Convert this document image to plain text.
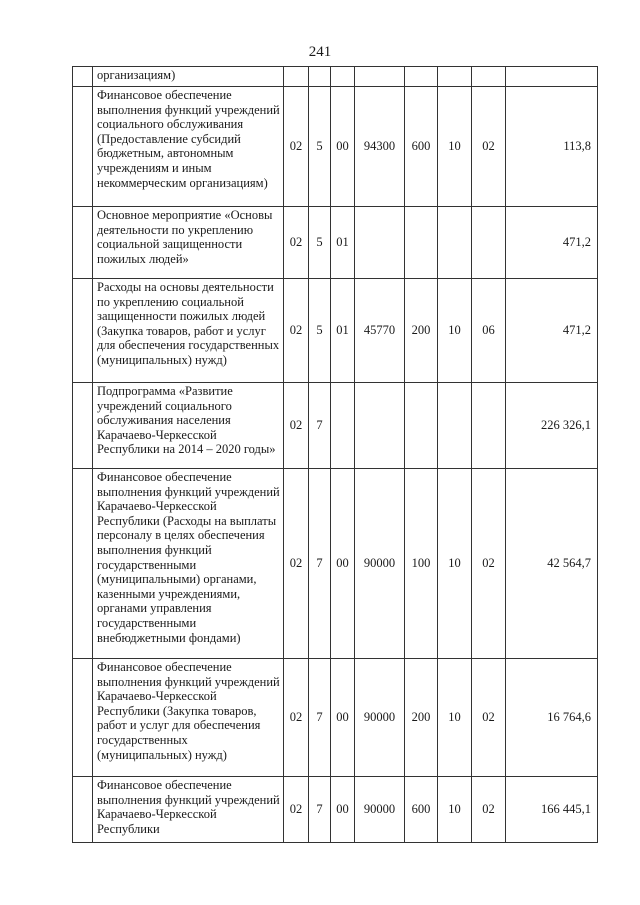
241
	организациям)								
	Финансовое обеспечение выполнения функций учреждений социального обслуживания (Предоставление субсидий бюджетным, автономным учреждениям и иным некоммерческим организациям)	02	5	00	94300	600	10	02	113,8
	Основное мероприятие «Основы деятельности по укреплению социальной защищенности пожилых людей»	02	5	01					471,2
	Расходы на основы деятельности по укреплению социальной защищенности пожилых людей (Закупка товаров, работ и услуг для обеспечения государственных (муниципальных) нужд)	02	5	01	45770	200	10	06	471,2
	Подпрограмма «Развитие учреждений социального обслуживания населения Карачаево-Черкесской Республики на 2014 – 2020 годы»	02	7						226 326,1
	Финансовое обеспечение выполнения функций учреждений Карачаево-Черкесской Республики (Расходы на выплаты персоналу в целях обеспечения выполнения функций государственными (муниципальными) органами, казенными учреждениями, органами управления государственными внебюджетными фондами)	02	7	00	90000	100	10	02	42 564,7
	Финансовое обеспечение выполнения функций учреждений Карачаево-Черкесской Республики (Закупка товаров, работ и услуг для обеспечения государственных (муниципальных) нужд)	02	7	00	90000	200	10	02	16 764,6
	Финансовое обеспечение выполнения функций учреждений Карачаево-Черкесской Республики	02	7	00	90000	600	10	02	166 445,1
